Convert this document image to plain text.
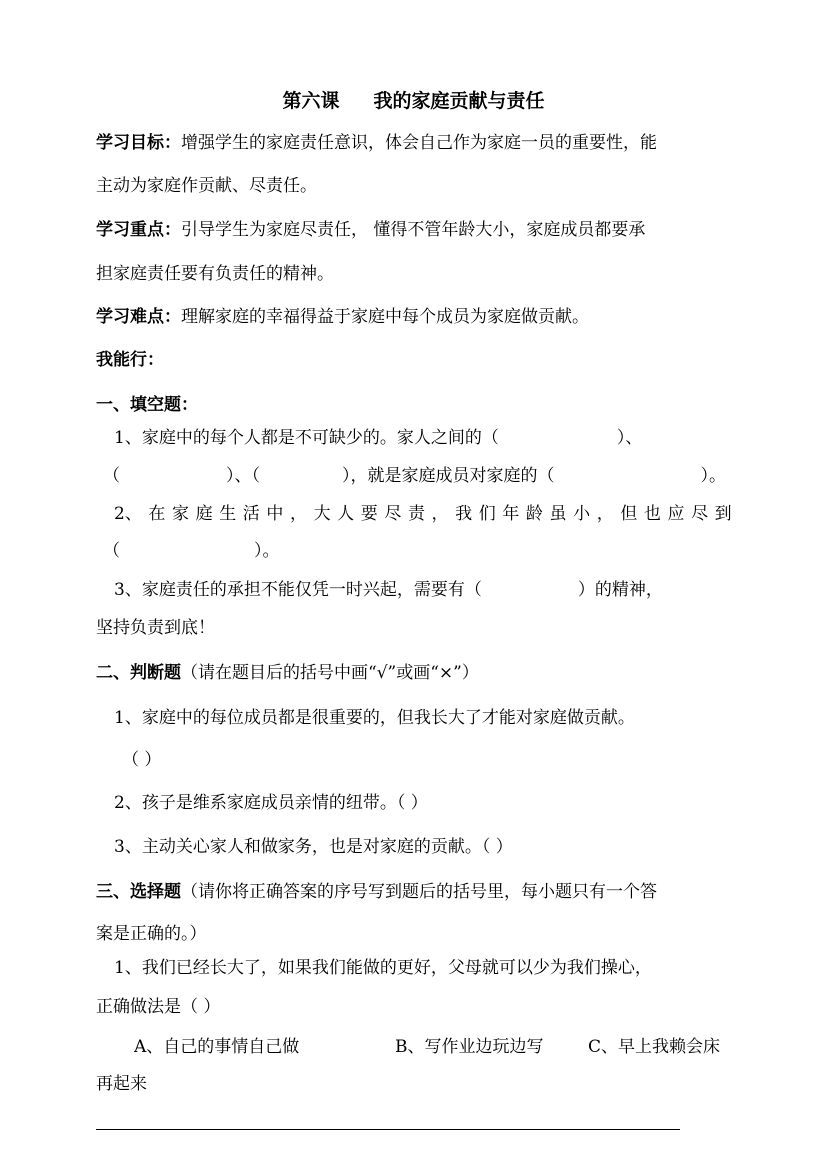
第六课 我的家庭贡献与责任
学习目标：增强学生的家庭责任意识，体会自己作为家庭一员的重要性，能
主动为家庭作贡献、尽责任。
学习重点：引导学生为家庭尽责任， 懂得不管年龄大小，家庭成员都要承
担家庭责任要有负责任的精神。
学习难点：理解家庭的幸福得益于家庭中每个成员为家庭做贡献。
我能行：
一、填空题：
1、家庭中的每个人都是不可缺少的。家人之间的（	）、
（	）、（	），就是家庭成员对家庭的（	）。
2、 在 家 庭 生 活 中 ， 大 人 要 尽 责 ， 我 们 年 龄 虽 小 ， 但 也 应 尽 到
（	）。
3、家庭责任的承担不能仅凭一时兴起，需要有（	）的精神，
坚持负责到底！
二、判断题（请在题目后的括号中画“√”或画“×”）
1、家庭中的每位成员都是很重要的，但我长大了才能对家庭做贡献。
（ ）
2、孩子是维系家庭成员亲情的纽带。（ ）
3、主动关心家人和做家务，也是对家庭的贡献。（ ）
三、选择题（请你将正确答案的序号写到题后的括号里，每小题只有一个答
案是正确的。）
1、我们已经长大了，如果我们能做的更好，父母就可以少为我们操心，
正确做法是（ ）
A、自己的事情自己做	B、写作业边玩边写	C、早上我赖会床
再起来
